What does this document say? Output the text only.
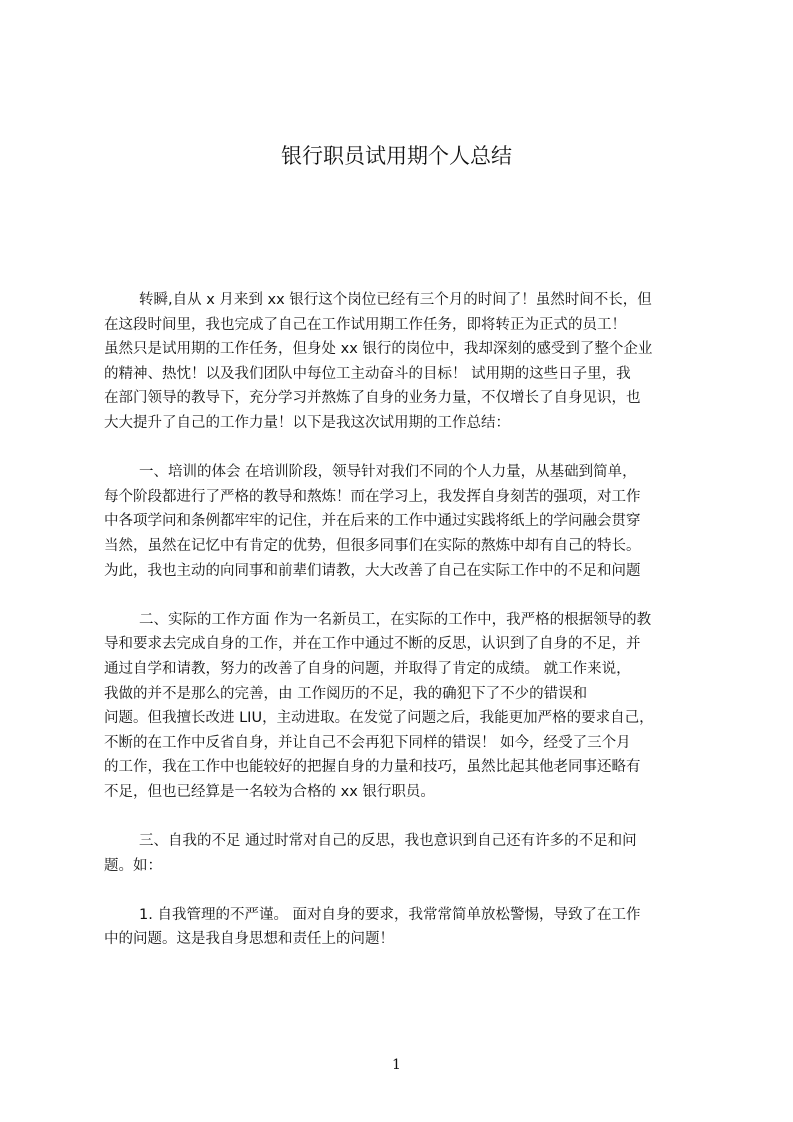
银行职员试用期个人总结
转瞬,自从 x 月来到 xx 银行这个岗位已经有三个月的时间了！虽然时间不长，但
在这段时间里，我也完成了自己在工作试用期工作任务，即将转正为正式的员工！
虽然只是试用期的工作任务，但身处 xx 银行的岗位中，我却深刻的感受到了整个企业
的精神、热忱！以及我们团队中每位工主动奋斗的目标！ 试用期的这些日子里，我
在部门领导的教导下，充分学习并熬炼了自身的业务力量，不仅增长了自身见识，也
大大提升了自己的工作力量！以下是我这次试用期的工作总结：
一、培训的体会 在培训阶段，领导针对我们不同的个人力量，从基础到简单，
每个阶段都进行了严格的教导和熬炼！而在学习上，我发挥自身刻苦的强项，对工作
中各项学问和条例都牢牢的记住，并在后来的工作中通过实践将纸上的学问融会贯穿
当然，虽然在记忆中有肯定的优势，但很多同事们在实际的熬炼中却有自己的特长。
为此，我也主动的向同事和前辈们请教，大大改善了自己在实际工作中的不足和问题
二、实际的工作方面 作为一名新员工，在实际的工作中，我严格的根据领导的教
导和要求去完成自身的工作，并在工作中通过不断的反思，认识到了自身的不足，并
通过自学和请教，努力的改善了自身的问题，并取得了肯定的成绩。 就工作来说，
我做的并不是那么的完善，由 工作阅历的不足，我的确犯下了不少的错误和
问题。但我擅长改进 LIU，主动进取。在发觉了问题之后，我能更加严格的要求自己，
不断的在工作中反省自身，并让自己不会再犯下同样的错误！ 如今，经受了三个月
的工作，我在工作中也能较好的把握自身的力量和技巧，虽然比起其他老同事还略有
不足，但也已经算是一名较为合格的 xx 银行职员。
三、自我的不足 通过时常对自己的反思，我也意识到自己还有许多的不足和问
题。如：
1. 自我管理的不严谨。 面对自身的要求，我常常简单放松警惕，导致了在工作
中的问题。这是我自身思想和责任上的问题！
1
